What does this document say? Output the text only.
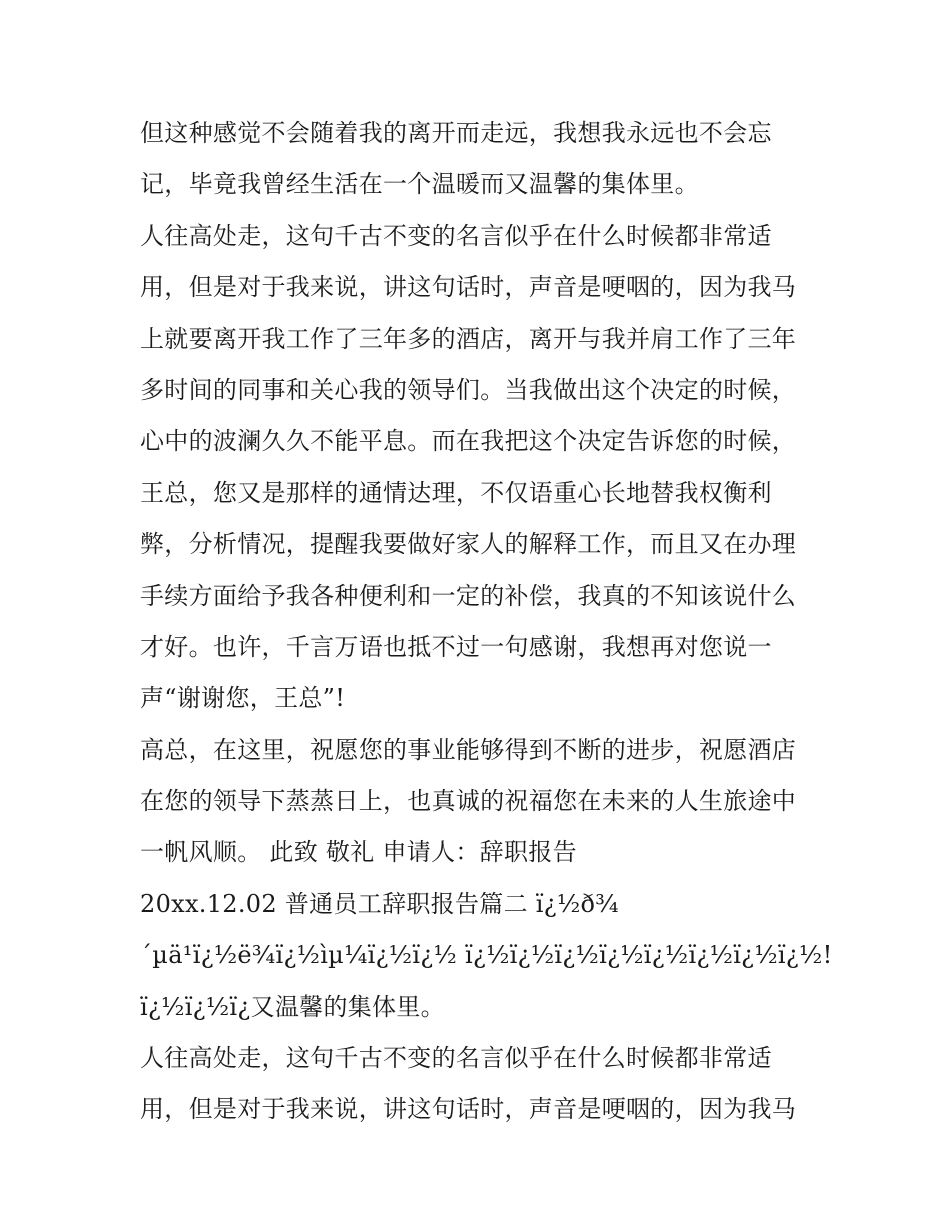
但这种感觉不会随着我的离开而走远，我想我永远也不会忘
记，毕竟我曾经生活在一个温暖而又温馨的集体里。
人往高处走，这句千古不变的名言似乎在什么时候都非常适
用，但是对于我来说，讲这句话时，声音是哽咽的，因为我马
上就要离开我工作了三年多的酒店，离开与我并肩工作了三年
多时间的同事和关心我的领导们。当我做出这个决定的时候，
心中的波澜久久不能平息。而在我把这个决定告诉您的时候，
王总，您又是那样的通情达理，不仅语重心长地替我权衡利
弊，分析情况，提醒我要做好家人的解释工作，而且又在办理
手续方面给予我各种便利和一定的补偿，我真的不知该说什么
才好。也许，千言万语也抵不过一句感谢，我想再对您说一
声“谢谢您，王总”!
高总，在这里，祝愿您的事业能够得到不断的进步，祝愿酒店
在您的领导下蒸蒸日上，也真诚的祝福您在未来的人生旅途中
一帆风顺。 此致 敬礼 申请人：辞职报告
20xx.12.02 普通员工辞职报告篇二 ï¿½ð¾
´µä¹ï¿½ë¾ï¿½ìµ¼ï¿½ï¿½ ï¿½ï¿½ï¿½ï¿½ï¿½ï¿½ï¿½ï¿½!
ï¿½ï¿½ï¿又温馨的集体里。
人往高处走，这句千古不变的名言似乎在什么时候都非常适
用，但是对于我来说，讲这句话时，声音是哽咽的，因为我马
